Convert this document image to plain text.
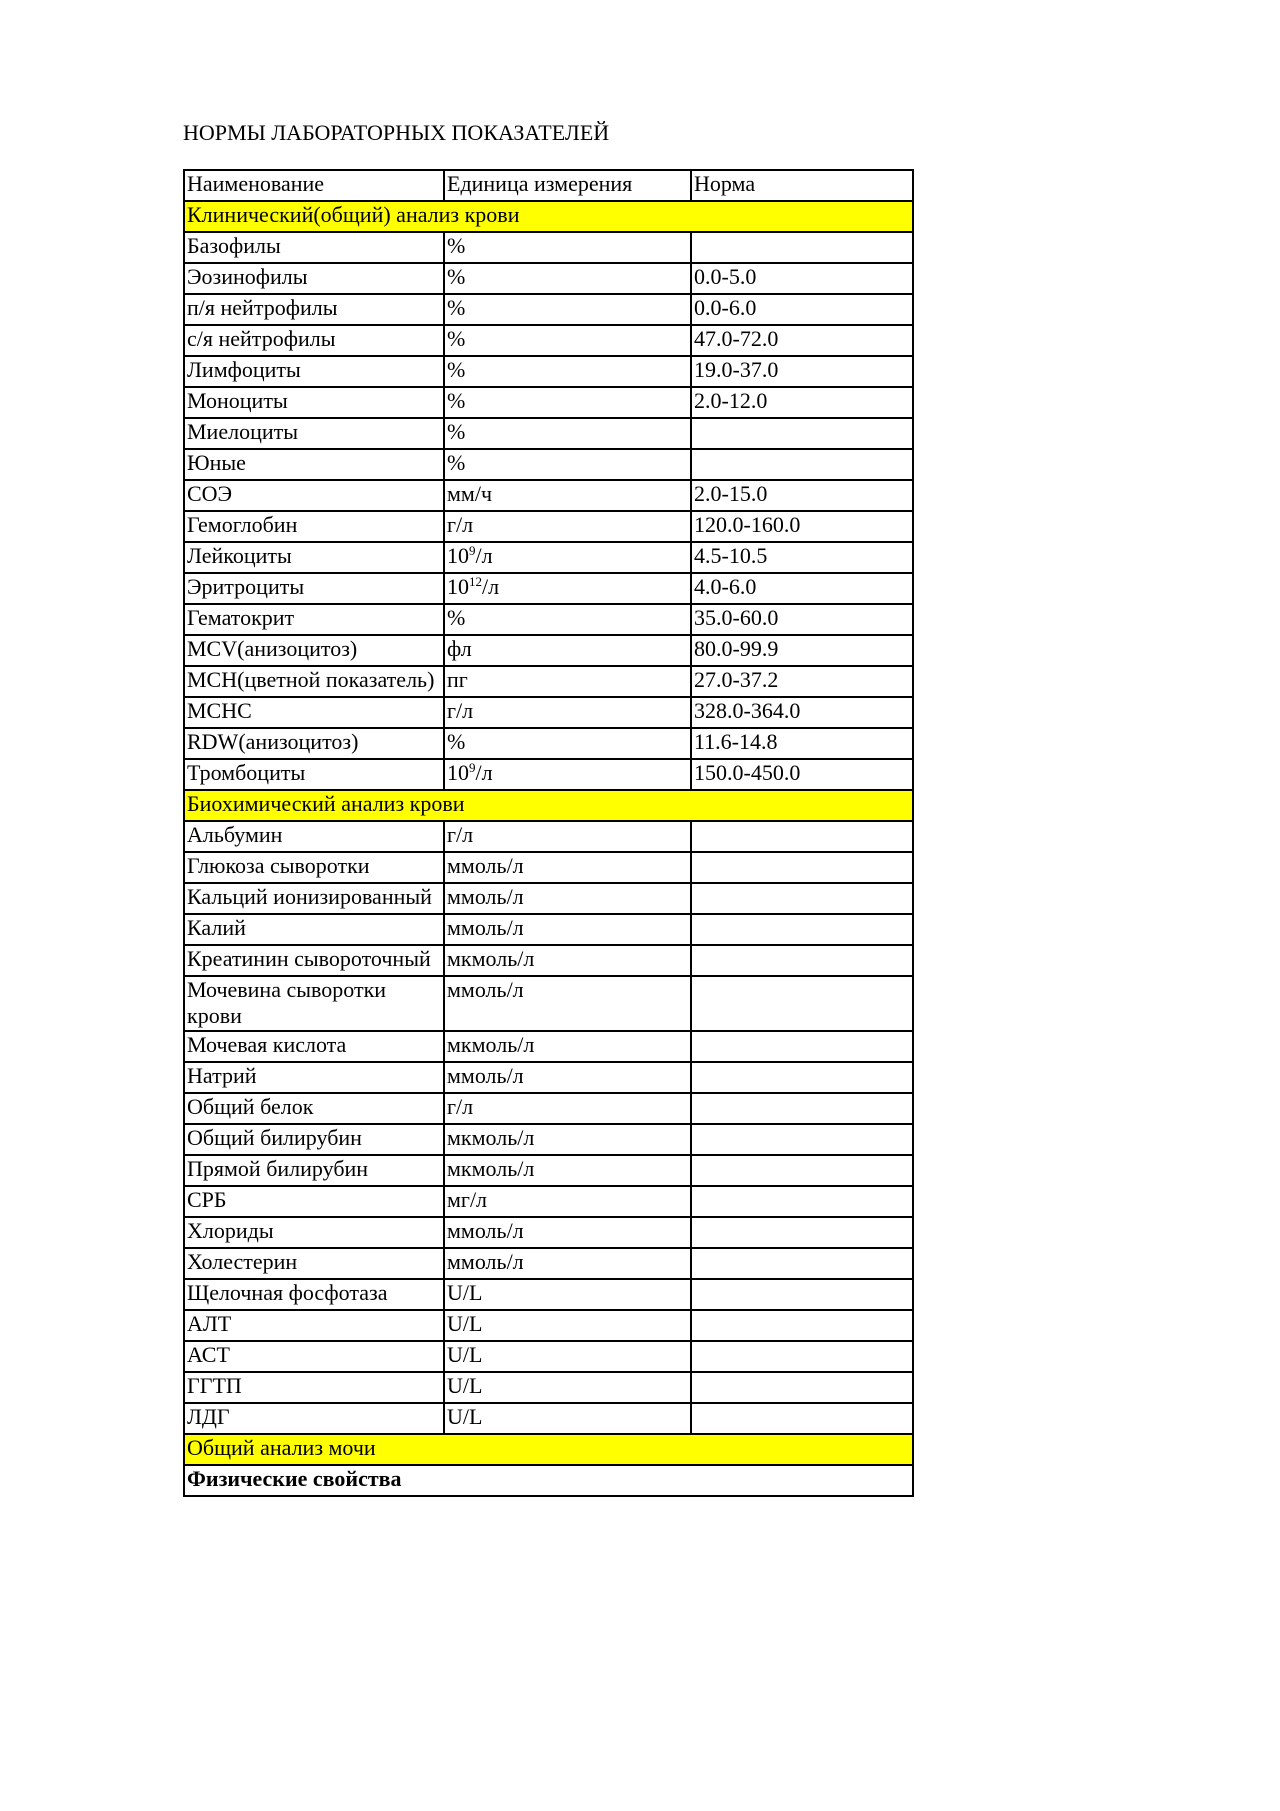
НОРМЫ ЛАБОРАТОРНЫХ ПОКАЗАТЕЛЕЙ
Наименование	Единица измерения	Норма
Клинический(общий) анализ крови		
Базофилы	%	
Эозинофилы	%	0.0-5.0
п/я нейтрофилы	%	0.0-6.0
с/я нейтрофилы	%	47.0-72.0
Лимфоциты	%	19.0-37.0
Моноциты	%	2.0-12.0
Миелоциты	%	
Юные	%	
СОЭ	мм/ч	2.0-15.0
Гемоглобин	г/л	120.0-160.0
Лейкоциты	$10^9/л$	4.5-10.5
Эритроциты	$10^{12}/л$	4.0-6.0
Гематокрит	%	35.0-60.0
MCV(анизоцитоз)	фл	80.0-99.9
MCH(цветной показатель)	пг	27.0-37.2
MCHC	г/л	328.0-364.0
RDW(анизоцитоз)	%	11.6-14.8
Тромбоциты	$10^9/л$	150.0-450.0
Биохимический анализ крови		
Альбумин	г/л	
Глюкоза сыворотки	ммоль/л	
Кальций ионизированный	ммоль/л	
Калий	ммоль/л	
Креатинин сывороточный	мкмоль/л	
Мочевина сыворотки крови	ммоль/л	
Мочевая кислота	мкмоль/л	
Натрий	ммоль/л	
Общий белок	г/л	
Общий билирубин	мкмоль/л	
Прямой билирубин	мкмоль/л	
СРБ	мг/л	
Хлориды	ммоль/л	
Холестерин	ммоль/л	
Щелочная фосфотаза	U/L	
АЛТ	U/L	
АСТ	U/L	
ГГТП	U/L	
ЛДГ	U/L	
Общий анализ мочи		
Физические свойства		
